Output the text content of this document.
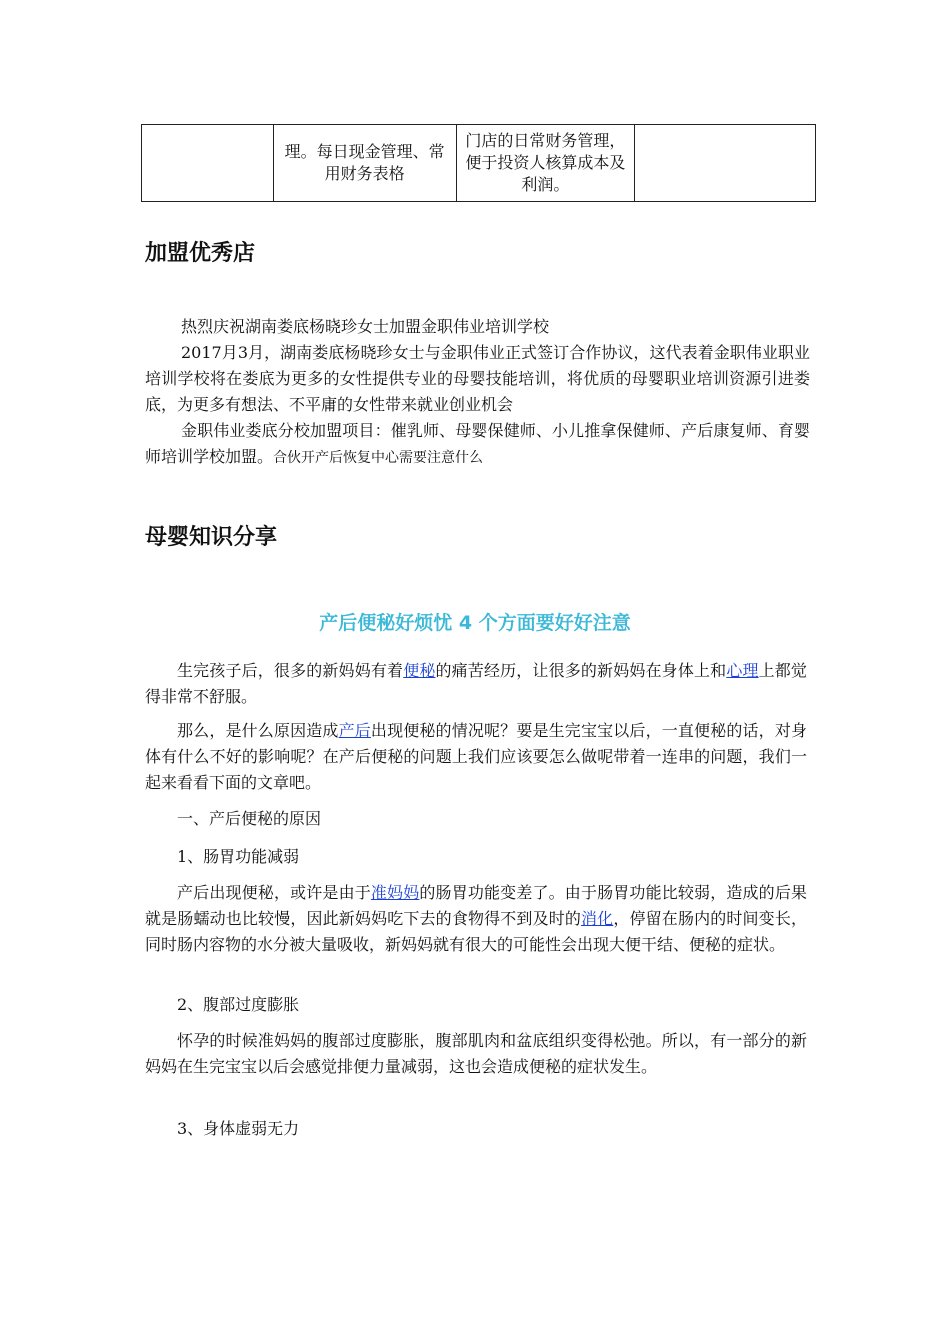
	理。每日现金管理、常用财务表格	门店的日常财务管理，便于投资人核算成本及利润。	
加盟优秀店

热烈庆祝湖南娄底杨晓珍女士加盟金职伟业培训学校

2017月3月，湖南娄底杨晓珍女士与金职伟业正式签订合作协议，这代表着金职伟业职业培训学校将在娄底为更多的女性提供专业的母婴技能培训，将优质的母婴职业培训资源引进娄底，为更多有想法、不平庸的女性带来就业创业机会

金职伟业娄底分校加盟项目：催乳师、母婴保健师、小儿推拿保健师、产后康复师、育婴师培训学校加盟。合伙开产后恢复中心需要注意什么

母婴知识分享
产后便秘好烦忧 4 个方面要好好注意

生完孩子后，很多的新妈妈有着便秘的痛苦经历，让很多的新妈妈在身体上和心理上都觉得非常不舒服。

那么，是什么原因造成产后出现便秘的情况呢？要是生完宝宝以后，一直便秘的话，对身体有什么不好的影响呢？在产后便秘的问题上我们应该要怎么做呢带着一连串的问题，我们一起来看看下面的文章吧。

一、产后便秘的原因

1、肠胃功能减弱

产后出现便秘，或许是由于准妈妈的肠胃功能变差了。由于肠胃功能比较弱，造成的后果就是肠蠕动也比较慢，因此新妈妈吃下去的食物得不到及时的消化，停留在肠内的时间变长，同时肠内容物的水分被大量吸收，新妈妈就有很大的可能性会出现大便干结、便秘的症状。

2、腹部过度膨胀

怀孕的时候准妈妈的腹部过度膨胀，腹部肌肉和盆底组织变得松弛。所以，有一部分的新妈妈在生完宝宝以后会感觉排便力量减弱，这也会造成便秘的症状发生。

3、身体虚弱无力
